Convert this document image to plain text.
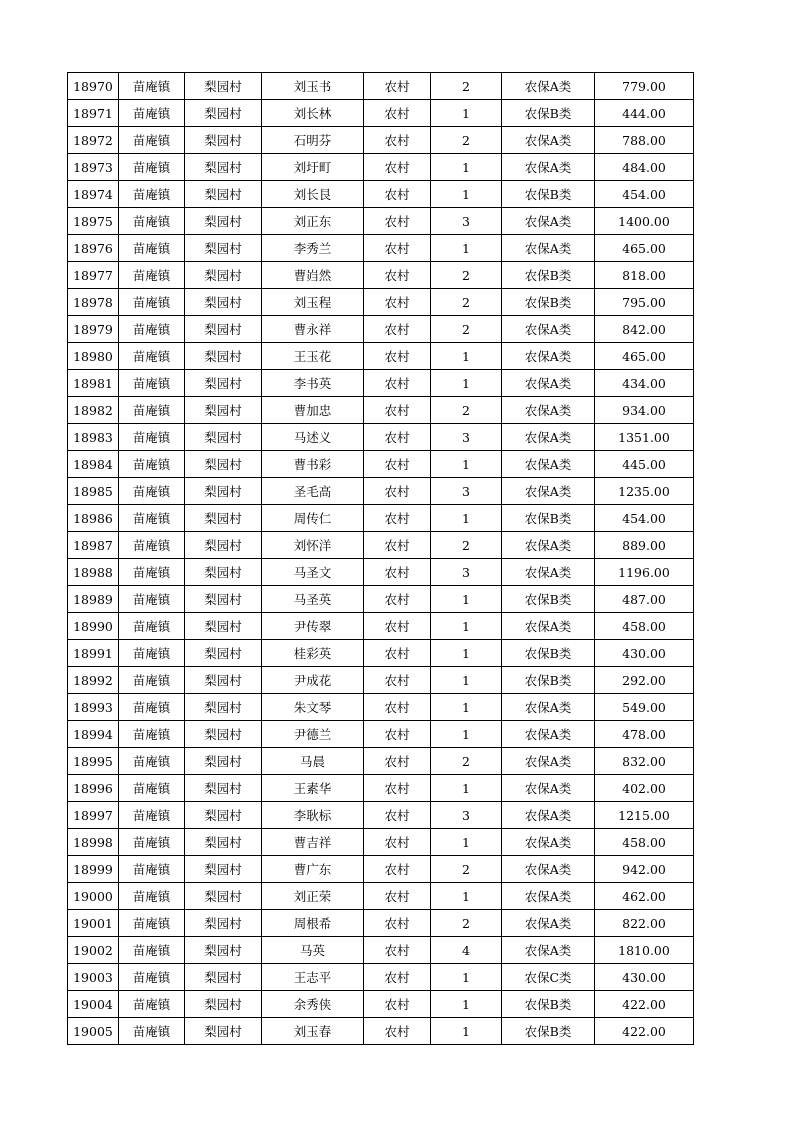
18970	苗庵镇	梨园村	刘玉书	农村	2	农保A类	779.00
18971	苗庵镇	梨园村	刘长林	农村	1	农保B类	444.00
18972	苗庵镇	梨园村	石明芬	农村	2	农保A类	788.00
18973	苗庵镇	梨园村	刘圩町	农村	1	农保A类	484.00
18974	苗庵镇	梨园村	刘长艮	农村	1	农保B类	454.00
18975	苗庵镇	梨园村	刘正东	农村	3	农保A类	1400.00
18976	苗庵镇	梨园村	李秀兰	农村	1	农保A类	465.00
18977	苗庵镇	梨园村	曹岿然	农村	2	农保B类	818.00
18978	苗庵镇	梨园村	刘玉程	农村	2	农保B类	795.00
18979	苗庵镇	梨园村	曹永祥	农村	2	农保A类	842.00
18980	苗庵镇	梨园村	王玉花	农村	1	农保A类	465.00
18981	苗庵镇	梨园村	李书英	农村	1	农保A类	434.00
18982	苗庵镇	梨园村	曹加忠	农村	2	农保A类	934.00
18983	苗庵镇	梨园村	马述义	农村	3	农保A类	1351.00
18984	苗庵镇	梨园村	曹书彩	农村	1	农保A类	445.00
18985	苗庵镇	梨园村	圣毛高	农村	3	农保A类	1235.00
18986	苗庵镇	梨园村	周传仁	农村	1	农保B类	454.00
18987	苗庵镇	梨园村	刘怀洋	农村	2	农保A类	889.00
18988	苗庵镇	梨园村	马圣文	农村	3	农保A类	1196.00
18989	苗庵镇	梨园村	马圣英	农村	1	农保B类	487.00
18990	苗庵镇	梨园村	尹传翠	农村	1	农保A类	458.00
18991	苗庵镇	梨园村	桂彩英	农村	1	农保B类	430.00
18992	苗庵镇	梨园村	尹成花	农村	1	农保B类	292.00
18993	苗庵镇	梨园村	朱文琴	农村	1	农保A类	549.00
18994	苗庵镇	梨园村	尹德兰	农村	1	农保A类	478.00
18995	苗庵镇	梨园村	马晨	农村	2	农保A类	832.00
18996	苗庵镇	梨园村	王素华	农村	1	农保A类	402.00
18997	苗庵镇	梨园村	李耿标	农村	3	农保A类	1215.00
18998	苗庵镇	梨园村	曹吉祥	农村	1	农保A类	458.00
18999	苗庵镇	梨园村	曹广东	农村	2	农保A类	942.00
19000	苗庵镇	梨园村	刘正荣	农村	1	农保A类	462.00
19001	苗庵镇	梨园村	周根希	农村	2	农保A类	822.00
19002	苗庵镇	梨园村	马英	农村	4	农保A类	1810.00
19003	苗庵镇	梨园村	王志平	农村	1	农保C类	430.00
19004	苗庵镇	梨园村	余秀侠	农村	1	农保B类	422.00
19005	苗庵镇	梨园村	刘玉春	农村	1	农保B类	422.00
